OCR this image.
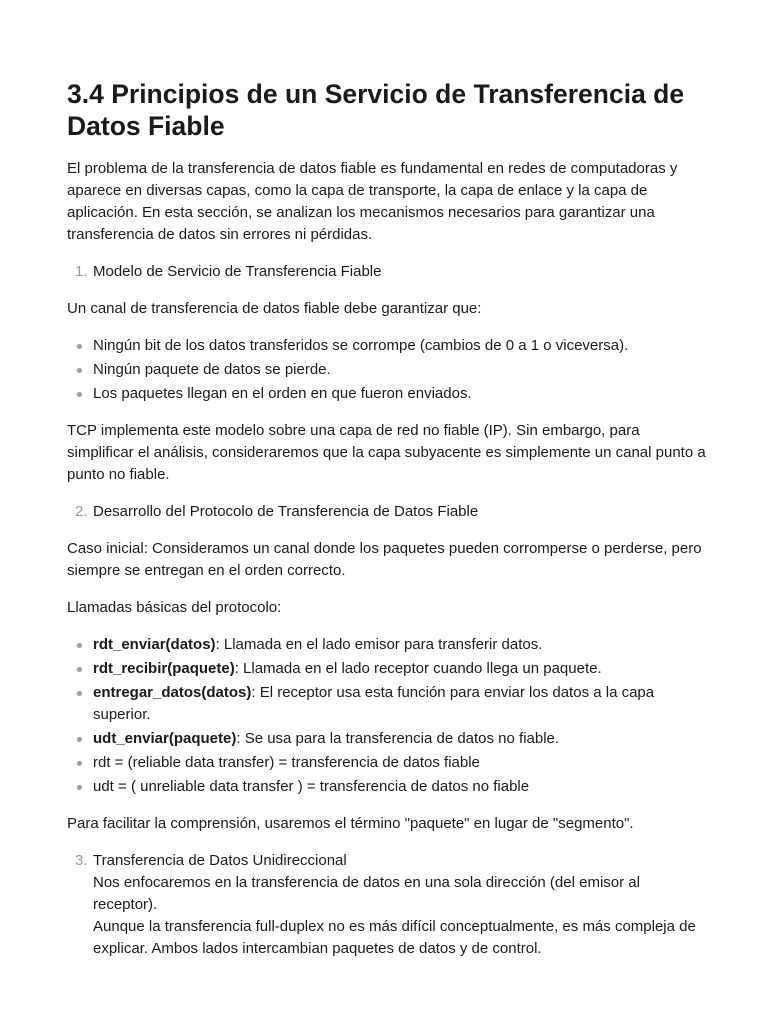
3.4 Principios de un Servicio de Transferencia de Datos Fiable

El problema de la transferencia de datos fiable es fundamental en redes de computadoras y aparece en diversas capas, como la capa de transporte, la capa de enlace y la capa de aplicación. En esta sección, se analizan los mecanismos necesarios para garantizar una transferencia de datos sin errores ni pérdidas.

1. Modelo de Servicio de Transferencia Fiable

Un canal de transferencia de datos fiable debe garantizar que:

Ningún bit de los datos transferidos se corrompe (cambios de 0 a 1 o viceversa).
Ningún paquete de datos se pierde.
Los paquetes llegan en el orden en que fueron enviados.

TCP implementa este modelo sobre una capa de red no fiable (IP). Sin embargo, para simplificar el análisis, consideraremos que la capa subyacente es simplemente un canal punto a punto no fiable.

2. Desarrollo del Protocolo de Transferencia de Datos Fiable

Caso inicial: Consideramos un canal donde los paquetes pueden corromperse o perderse, pero siempre se entregan en el orden correcto.

Llamadas básicas del protocolo:

rdt_enviar(datos): Llamada en el lado emisor para transferir datos.
rdt_recibir(paquete): Llamada en el lado receptor cuando llega un paquete.
entregar_datos(datos): El receptor usa esta función para enviar los datos a la capa superior.
udt_enviar(paquete): Se usa para la transferencia de datos no fiable.
rdt = (reliable data transfer) = transferencia de datos fiable
udt = ( unreliable data transfer ) = transferencia de datos no fiable

Para facilitar la comprensión, usaremos el término "paquete" en lugar de "segmento".

3. Transferencia de Datos Unidireccional
Nos enfocaremos en la transferencia de datos en una sola dirección (del emisor al receptor).
Aunque la transferencia full-duplex no es más difícil conceptualmente, es más compleja de explicar. Ambos lados intercambian paquetes de datos y de control.
